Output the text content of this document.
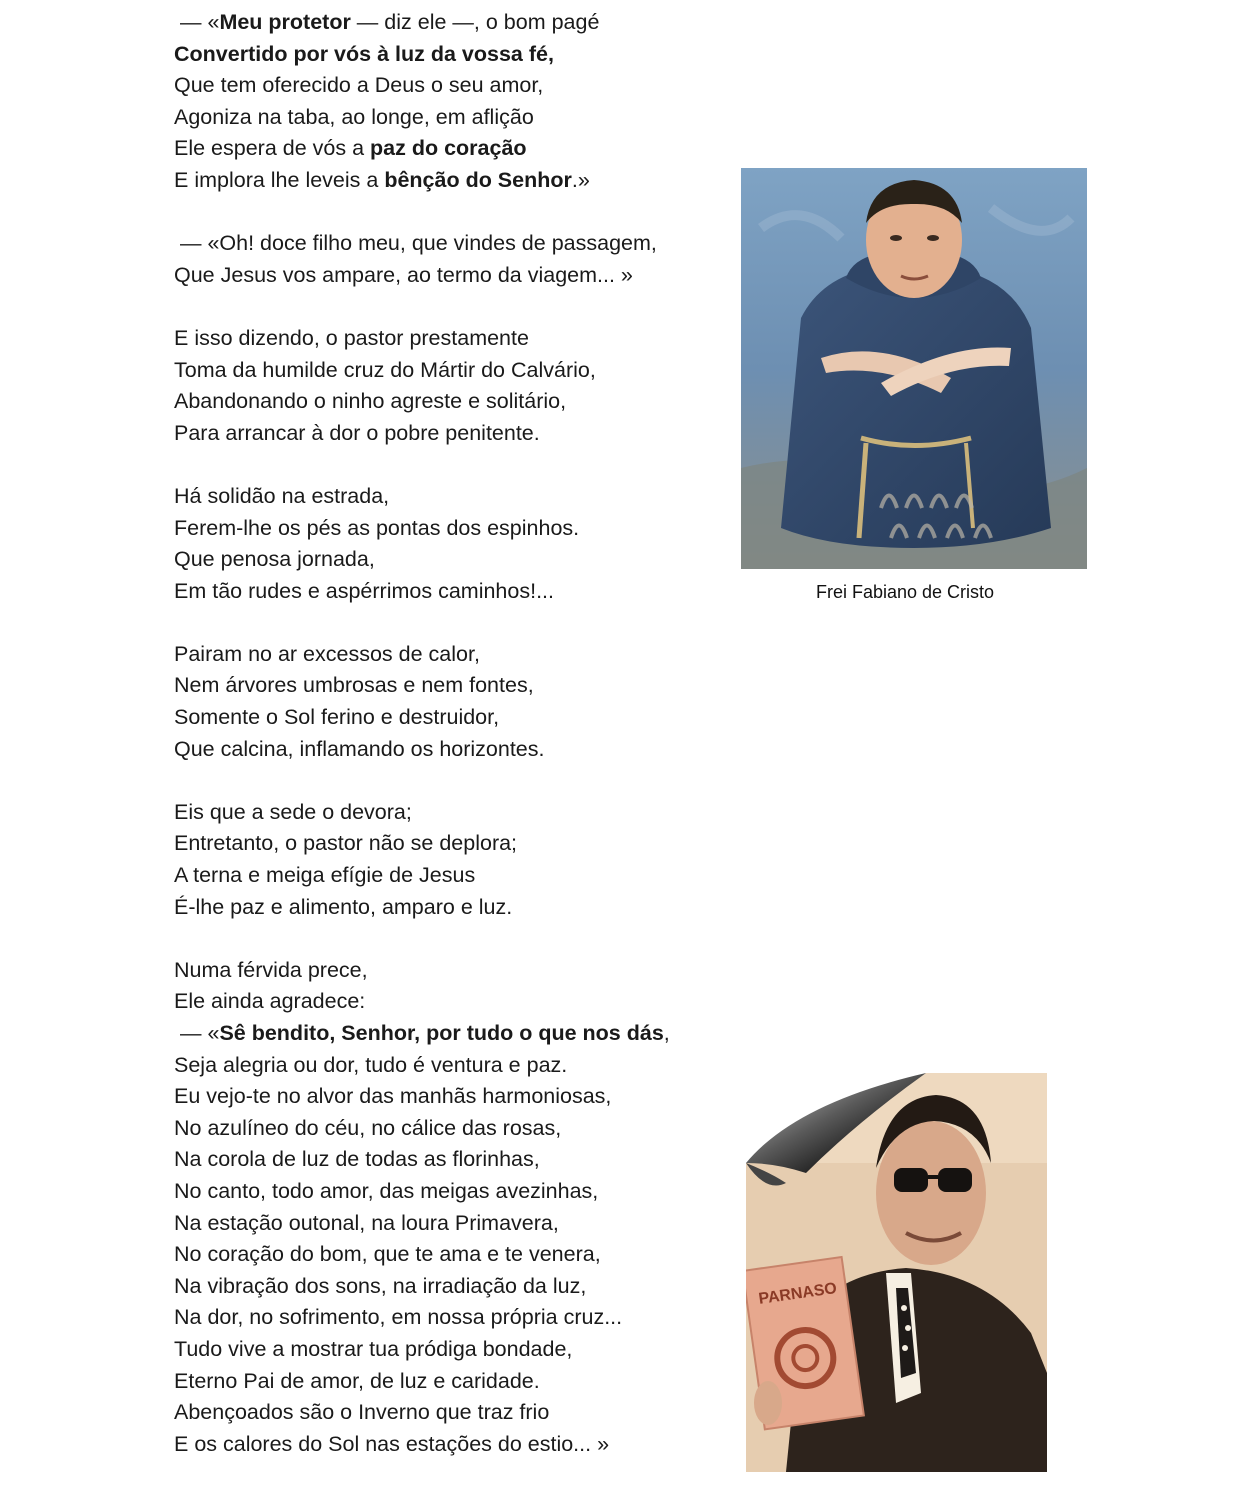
— «Meu protetor — diz ele —, o bom pagé
Convertido por vós à luz da vossa fé,
Que tem oferecido a Deus o seu amor,
Agoniza na taba, ao longe, em aflição
Ele espera de vós a paz do coração
E implora lhe leveis a bênção do Senhor.»
— «Oh! doce filho meu, que vindes de passagem,
Que Jesus vos ampare, ao termo da viagem... »
E isso dizendo, o pastor prestamente
Toma da humilde cruz do Mártir do Calvário,
Abandonando o ninho agreste e solitário,
Para arrancar à dor o pobre penitente.
Há solidão na estrada,
Ferem-lhe os pés as pontas dos espinhos.
Que penosa jornada,
Em tão rudes e aspérrimos caminhos!...
Pairam no ar excessos de calor,
Nem árvores umbrosas e nem fontes,
Somente o Sol ferino e destruidor,
Que calcina, inflamando os horizontes.
Eis que a sede o devora;
Entretanto, o pastor não se deplora;
A terna e meiga efígie de Jesus
É-lhe paz e alimento, amparo e luz.
Numa férvida prece,
Ele ainda agradece:
— «Sê bendito, Senhor, por tudo o que nos dás,
Seja alegria ou dor, tudo é ventura e paz.
Eu vejo-te no alvor das manhãs harmoniosas,
No azulíneo do céu, no cálice das rosas,
Na corola de luz de todas as florinhas,
No canto, todo amor, das meigas avezinhas,
Na estação outonal, na loura Primavera,
No coração do bom, que te ama e te venera,
Na vibração dos sons, na irradiação da luz,
Na dor, no sofrimento, em nossa própria cruz...
Tudo vive a mostrar tua pródiga bondade,
Eterno Pai de amor, de luz e caridade.
Abençoados são o Inverno que traz frio
E os calores do Sol nas estações do estio... »
Frei Fabiano de Cristo
PARNASO
